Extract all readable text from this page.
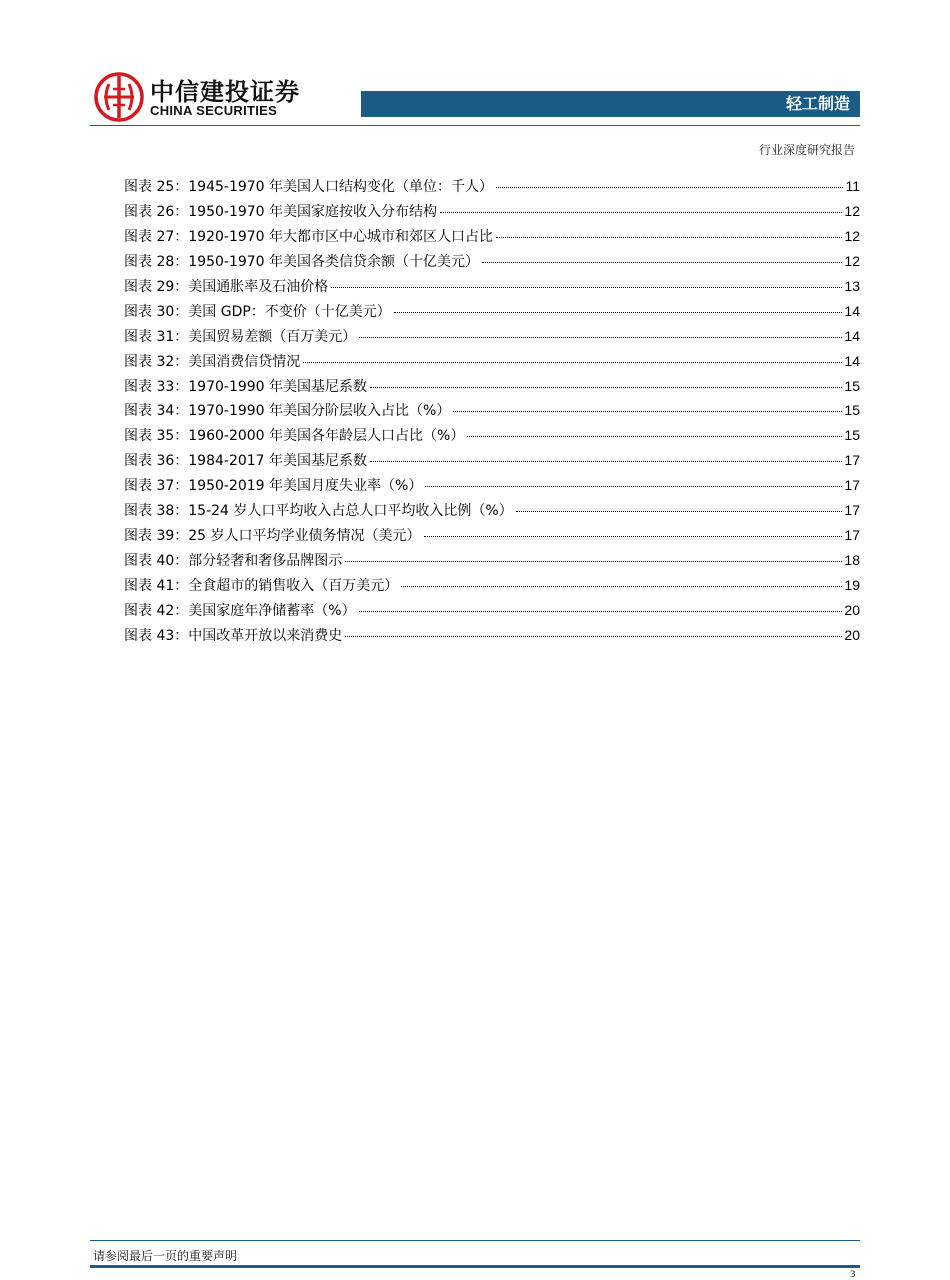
中信建投证券
CHINA SECURITIES	轻工制造
行业深度研究报告
图表 25：1945-1970 年美国人口结构变化（单位：千人）	11
图表 26：1950-1970 年美国家庭按收入分布结构	12
图表 27：1920-1970 年大都市区中心城市和郊区人口占比	12
图表 28：1950-1970 年美国各类信贷余额（十亿美元）	12
图表 29：美国通胀率及石油价格	13
图表 30：美国 GDP：不变价（十亿美元）	14
图表 31：美国贸易差额（百万美元）	14
图表 32：美国消费信贷情况	14
图表 33：1970-1990 年美国基尼系数	15
图表 34：1970-1990 年美国分阶层收入占比（%）	15
图表 35：1960-2000 年美国各年龄层人口占比（%）	15
图表 36：1984-2017 年美国基尼系数	17
图表 37：1950-2019 年美国月度失业率（%）	17
图表 38：15-24 岁人口平均收入占总人口平均收入比例（%）	17
图表 39：25 岁人口平均学业债务情况（美元）	17
图表 40：部分轻奢和奢侈品牌图示	18
图表 41：全食超市的销售收入（百万美元）	19
图表 42：美国家庭年净储蓄率（%）	20
图表 43：中国改革开放以来消费史	20
请参阅最后一页的重要声明
3
